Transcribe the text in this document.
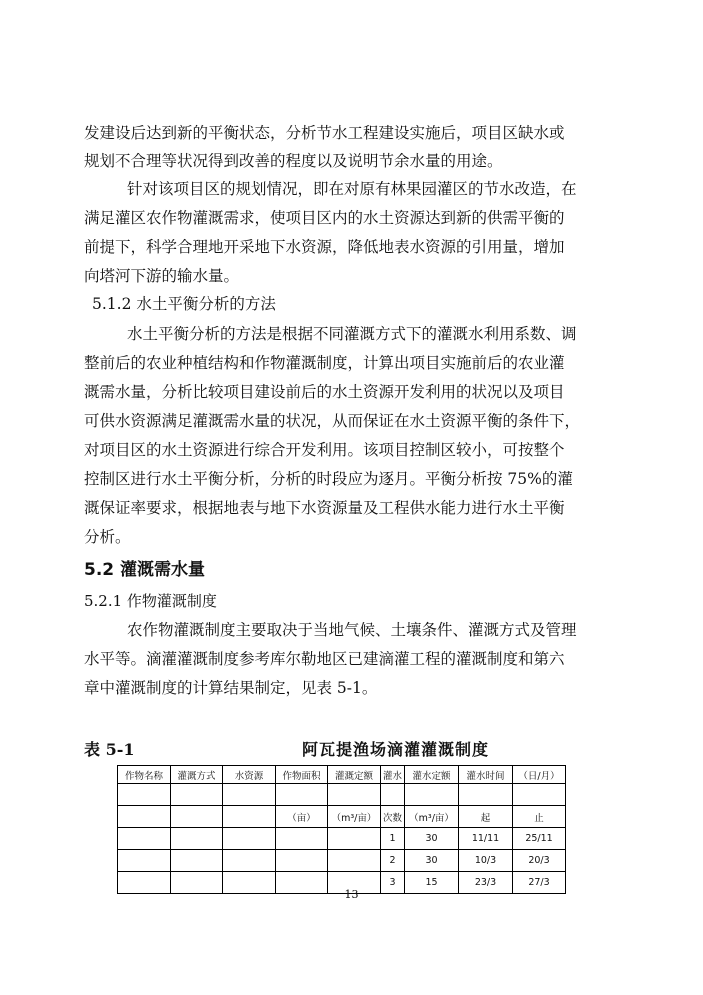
发建设后达到新的平衡状态，分析节水工程建设实施后，项目区缺水或
规划不合理等状况得到改善的程度以及说明节余水量的用途。
针对该项目区的规划情况，即在对原有林果园灌区的节水改造，在
满足灌区农作物灌溉需求，使项目区内的水土资源达到新的供需平衡的
前提下，科学合理地开采地下水资源，降低地表水资源的引用量，增加
向塔河下游的输水量。
5.1.2 水土平衡分析的方法
水土平衡分析的方法是根据不同灌溉方式下的灌溉水利用系数、调
整前后的农业种植结构和作物灌溉制度，计算出项目实施前后的农业灌
溉需水量，分析比较项目建设前后的水土资源开发利用的状况以及项目
可供水资源满足灌溉需水量的状况，从而保证在水土资源平衡的条件下，
对项目区的水土资源进行综合开发利用。该项目控制区较小，可按整个
控制区进行水土平衡分析，分析的时段应为逐月。平衡分析按 75%的灌
溉保证率要求，根据地表与地下水资源量及工程供水能力进行水土平衡
分析。
5.2 灌溉需水量
5.2.1 作物灌溉制度
农作物灌溉制度主要取决于当地气候、土壤条件、灌溉方式及管理
水平等。滴灌灌溉制度参考库尔勒地区已建滴灌工程的灌溉制度和第六
章中灌溉制度的计算结果制定，见表 5-1。
表 5-1	阿瓦提渔场滴灌灌溉制度
作物名称	灌溉方式	水资源	作物面积	灌溉定额	灌水	灌水定额	灌水时间	（日/月）

			（亩）	（m³/亩）	次数	（m³/亩）	起	止
					1	30	11/11	25/11
					2	30	10/3	20/3
					3	15	23/3	27/3
13
